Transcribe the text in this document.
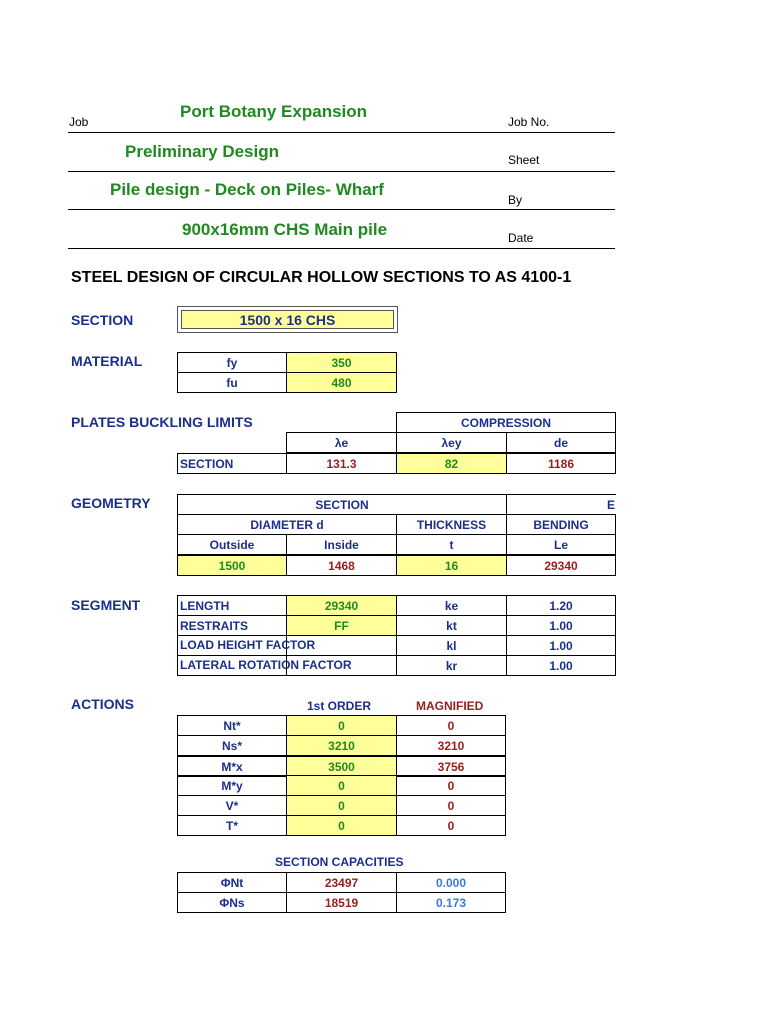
Job
Port Botany Expansion
Job No.
Preliminary Design	Sheet
Pile design - Deck on Piles- Wharf
By
900x16mm CHS Main pile	Date
STEEL DESIGN OF CIRCULAR HOLLOW SECTIONS TO AS 4100-1
SECTION	1500 x 16 CHS
MATERIAL	fy	350
fu	480
PLATES BUCKLING LIMITS	COMPRESSION
λe	λey	de
SECTION	131.3	82	1186
GEOMETRY	SECTION	E
DIAMETER d	THICKNESS	BENDING
Outside	Inside	t	Le
1500	1468	16	29340
SEGMENT	LENGTH	29340	ke	1.20
RESTRAITS	FF	kt	1.00
LOAD HEIGHT FACTOR	kl	1.00
LATERAL ROTATION FACTOR	kr	1.00
ACTIONS	1st ORDER	MAGNIFIED
Nt*	0	0
Ns*	3210	3210
M*x	3500	3756
M*y	0	0
V*	0	0
T*	0	0
SECTION CAPACITIES
ΦNt	23497	0.000
ΦNs	18519	0.173
